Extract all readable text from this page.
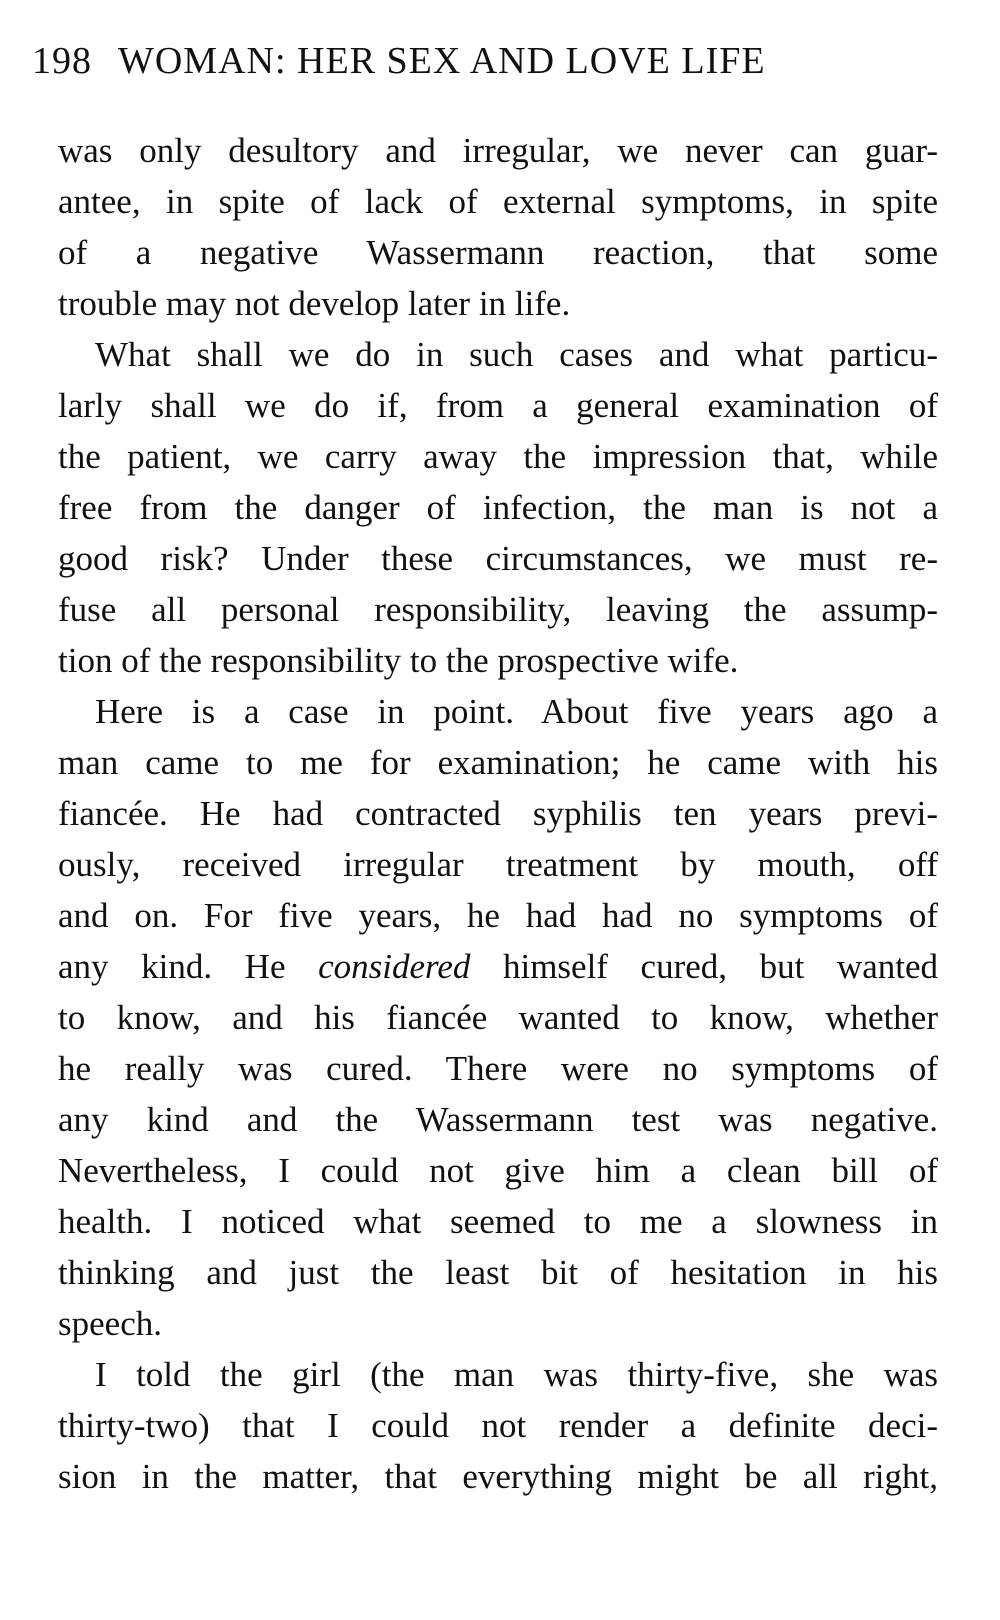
198 WOMAN: HER SEX AND LOVE LIFE
was only desultory and irregular, we never can guar-
antee, in spite of lack of external symptoms, in spite
of a negative Wassermann reaction, that some
trouble may not develop later in life.
What shall we do in such cases and what particu-
larly shall we do if, from a general examination of
the patient, we carry away the impression that, while
free from the danger of infection, the man is not a
good risk? Under these circumstances, we must re-
fuse all personal responsibility, leaving the assump-
tion of the responsibility to the prospective wife.
Here is a case in point. About five years ago a
man came to me for examination; he came with his
fiancée. He had contracted syphilis ten years previ-
ously, received irregular treatment by mouth, off
and on. For five years, he had had no symptoms of
any kind. He considered himself cured, but wanted
to know, and his fiancée wanted to know, whether
he really was cured. There were no symptoms of
any kind and the Wassermann test was negative.
Nevertheless, I could not give him a clean bill of
health. I noticed what seemed to me a slowness in
thinking and just the least bit of hesitation in his
speech.
I told the girl (the man was thirty-five, she was
thirty-two) that I could not render a definite deci-
sion in the matter, that everything might be all right,
